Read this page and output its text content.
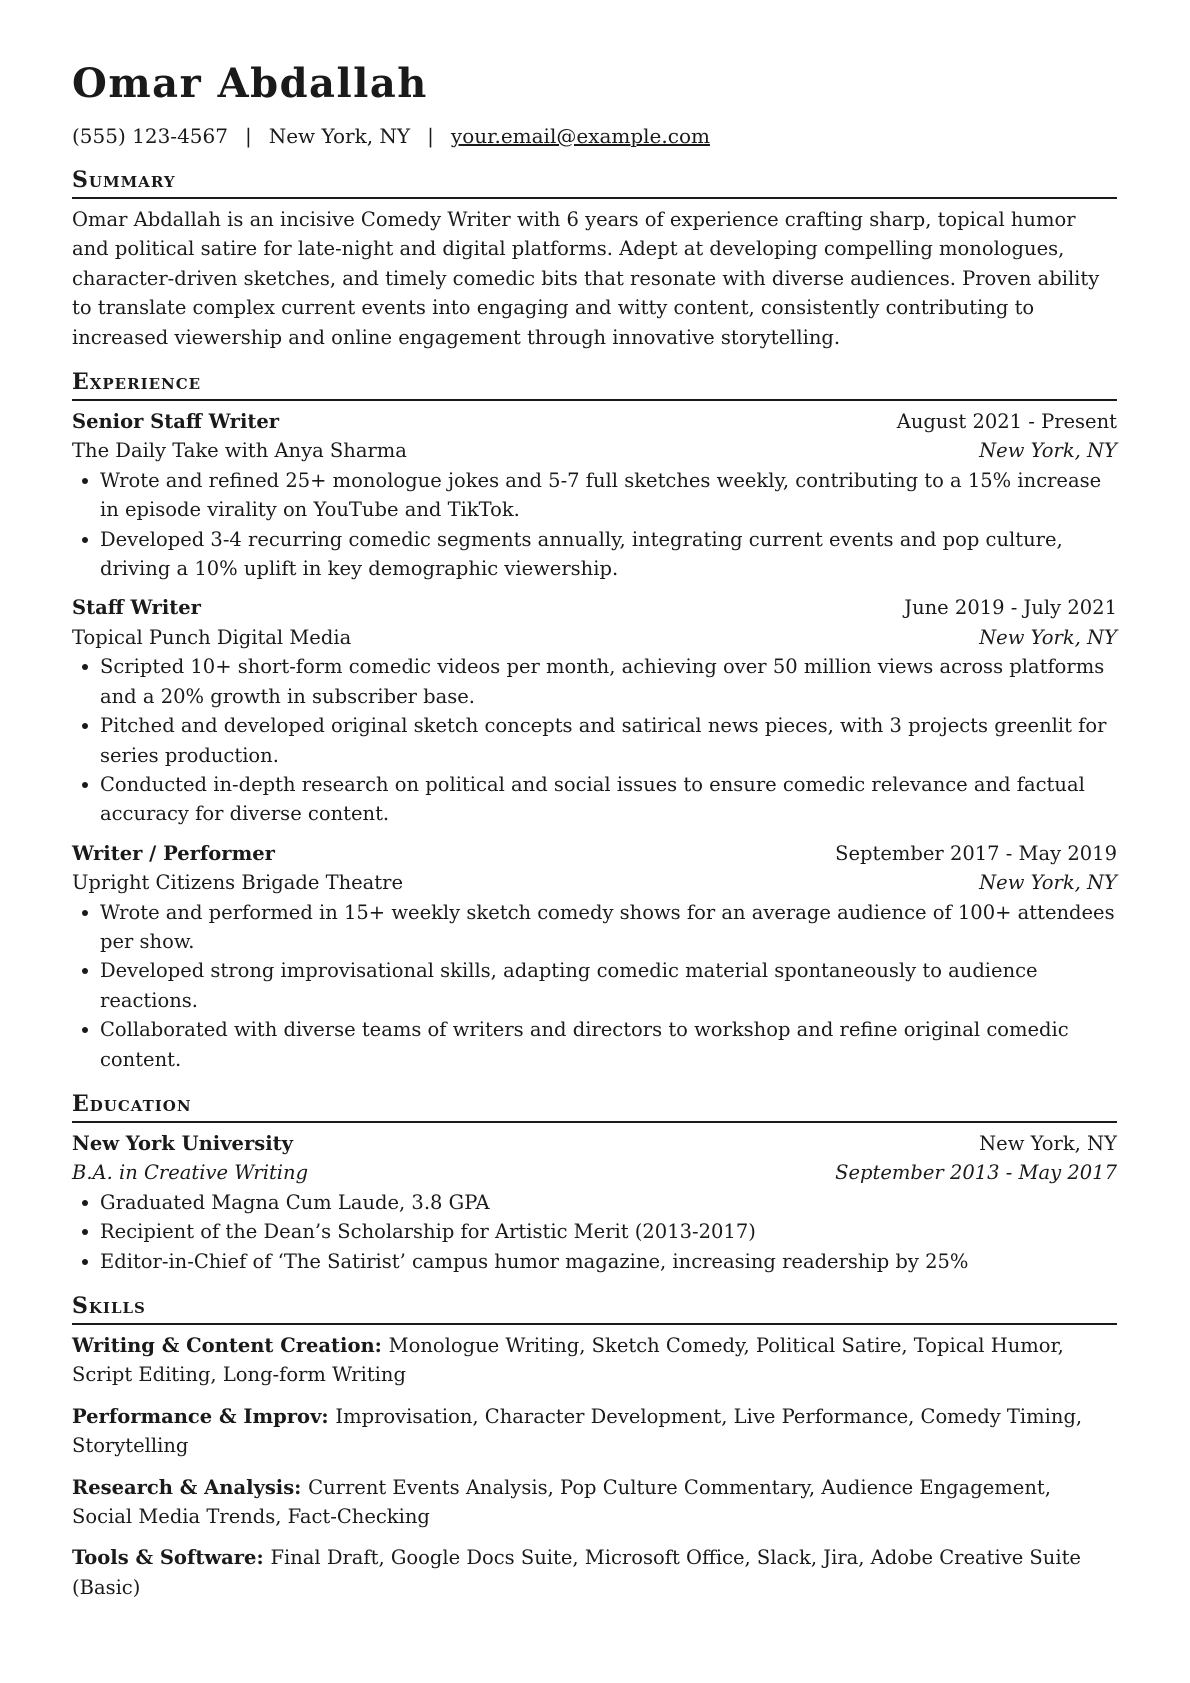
Omar Abdallah
(555) 123-4567 | New York, NY | your.email@example.com
Summary
Omar Abdallah is an incisive Comedy Writer with 6 years of experience crafting sharp, topical humor and political satire for late-night and digital platforms. Adept at developing compelling monologues, character-driven sketches, and timely comedic bits that resonate with diverse audiences. Proven ability to translate complex current events into engaging and witty content, consistently contributing to increased viewership and online engagement through innovative storytelling.
Experience
Senior Staff Writer	August 2021 - Present
The Daily Take with Anya Sharma	New York, NY
Wrote and refined 25+ monologue jokes and 5-7 full sketches weekly, contributing to a 15% increase in episode virality on YouTube and TikTok.
Developed 3-4 recurring comedic segments annually, integrating current events and pop culture, driving a 10% uplift in key demographic viewership.
Staff Writer	June 2019 - July 2021
Topical Punch Digital Media	New York, NY
Scripted 10+ short-form comedic videos per month, achieving over 50 million views across platforms and a 20% growth in subscriber base.
Pitched and developed original sketch concepts and satirical news pieces, with 3 projects greenlit for series production.
Conducted in-depth research on political and social issues to ensure comedic relevance and factual accuracy for diverse content.
Writer / Performer	September 2017 - May 2019
Upright Citizens Brigade Theatre	New York, NY
Wrote and performed in 15+ weekly sketch comedy shows for an average audience of 100+ attendees per show.
Developed strong improvisational skills, adapting comedic material spontaneously to audience reactions.
Collaborated with diverse teams of writers and directors to workshop and refine original comedic content.
Education
New York University	New York, NY
B.A. in Creative Writing	September 2013 - May 2017
Graduated Magna Cum Laude, 3.8 GPA
Recipient of the Dean’s Scholarship for Artistic Merit (2013-2017)
Editor-in-Chief of ‘The Satirist’ campus humor magazine, increasing readership by 25%
Skills
Writing & Content Creation: Monologue Writing, Sketch Comedy, Political Satire, Topical Humor, Script Editing, Long-form Writing
Performance & Improv: Improvisation, Character Development, Live Performance, Comedy Timing, Storytelling
Research & Analysis: Current Events Analysis, Pop Culture Commentary, Audience Engagement, Social Media Trends, Fact-Checking
Tools & Software: Final Draft, Google Docs Suite, Microsoft Office, Slack, Jira, Adobe Creative Suite (Basic)
